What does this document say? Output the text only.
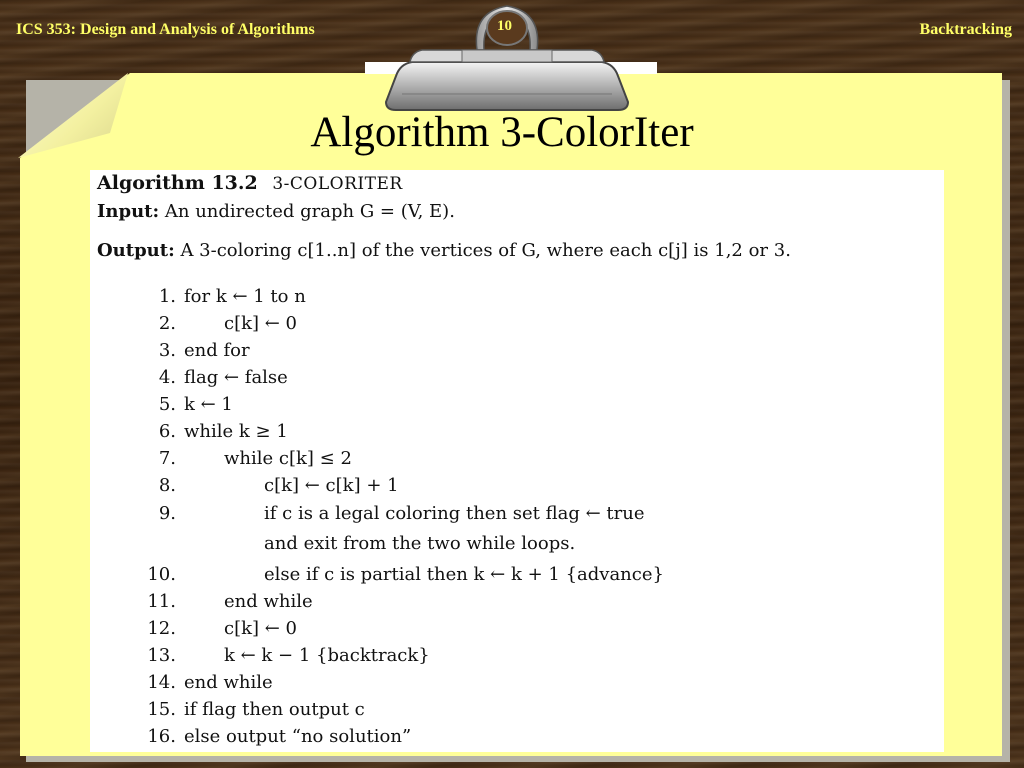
ICS 353: Design and Analysis of Algorithms	Backtracking
10
Algorithm 3-ColorIter
Algorithm 13.2 3-COLORITER
Input: An undirected graph G = (V, E).
Output: A 3-coloring c[1..n] of the vertices of G, where each c[j] is 1,2 or 3.
1. for k ← 1 to n
2.	c[k] ← 0
3. end for
4. flag ← false
5. k ← 1
6. while k ≥ 1
7.	while c[k] ≤ 2
8.	c[k] ← c[k] + 1
9.	if c is a legal coloring then set flag ← true
and exit from the two while loops.
10.	else if c is partial then k ← k + 1 {advance}
11.	end while
12.	c[k] ← 0
13.	k ← k − 1 {backtrack}
14. end while
15. if flag then output c
16. else output “no solution”
